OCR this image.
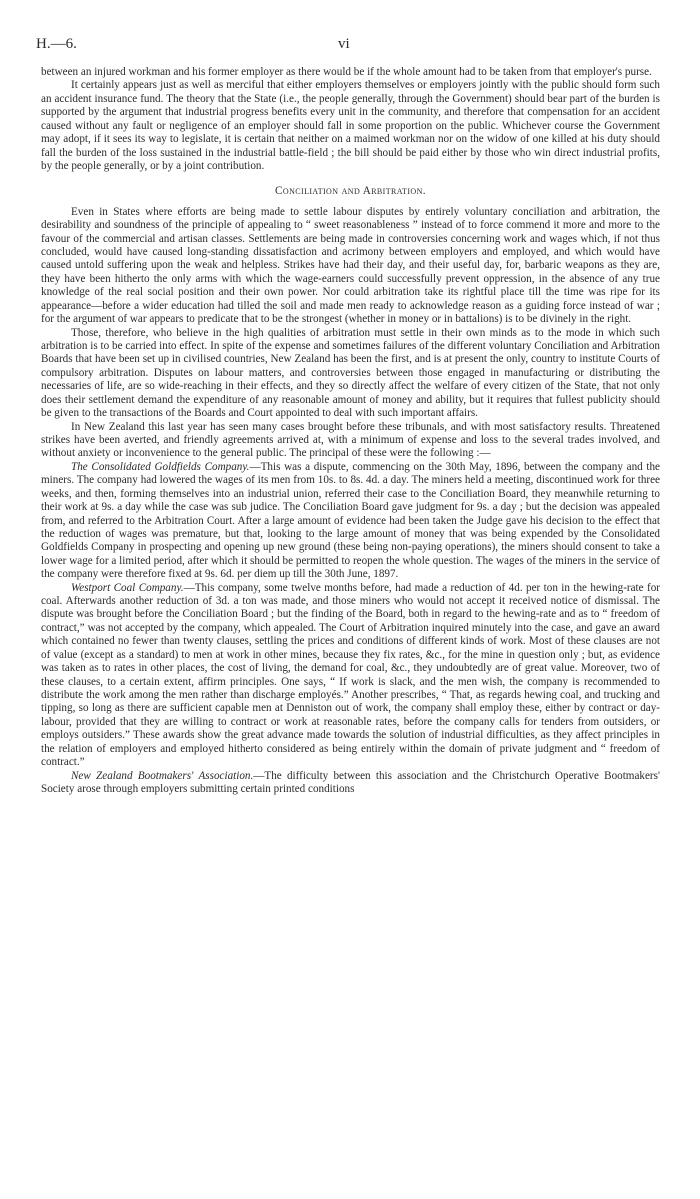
H.—6.	vi

between an injured workman and his former employer as there would be if the whole amount had to be taken from that employer's purse.

It certainly appears just as well as merciful that either employers themselves or employers jointly with the public should form such an accident insurance fund. The theory that the State (i.e., the people generally, through the Government) should bear part of the burden is supported by the argument that industrial progress benefits every unit in the community, and therefore that compensation for an accident caused without any fault or negligence of an employer should fall in some proportion on the public. Whichever course the Government may adopt, if it sees its way to legislate, it is certain that neither on a maimed workman nor on the widow of one killed at his duty should fall the burden of the loss sustained in the industrial battle-field ; the bill should be paid either by those who win direct industrial profits, by the people generally, or by a joint contribution.

Conciliation and Arbitration.

Even in States where efforts are being made to settle labour disputes by entirely voluntary conciliation and arbitration, the desirability and soundness of the principle of appealing to “ sweet reasonableness ” instead of to force commend it more and more to the favour of the commercial and artisan classes. Settlements are being made in controversies concerning work and wages which, if not thus concluded, would have caused long-standing dissatisfaction and acrimony between employers and employed, and which would have caused untold suffering upon the weak and helpless. Strikes have had their day, and their useful day, for, barbaric weapons as they are, they have been hitherto the only arms with which the wage-earners could successfully prevent oppression, in the absence of any true knowledge of the real social position and their own power. Nor could arbitration take its rightful place till the time was ripe for its appearance—before a wider education had tilled the soil and made men ready to acknowledge reason as a guiding force instead of war ; for the argument of war appears to predicate that to be the strongest (whether in money or in battalions) is to be divinely in the right.

Those, therefore, who believe in the high qualities of arbitration must settle in their own minds as to the mode in which such arbitration is to be carried into effect. In spite of the expense and sometimes failures of the different voluntary Conciliation and Arbitration Boards that have been set up in civilised countries, New Zealand has been the first, and is at present the only, country to institute Courts of compulsory arbitration. Disputes on labour matters, and controversies between those engaged in manufacturing or distributing the necessaries of life, are so wide-reaching in their effects, and they so directly affect the welfare of every citizen of the State, that not only does their settlement demand the expenditure of any reasonable amount of money and ability, but it requires that fullest publicity should be given to the transactions of the Boards and Court appointed to deal with such important affairs.

In New Zealand this last year has seen many cases brought before these tribunals, and with most satisfactory results. Threatened strikes have been averted, and friendly agreements arrived at, with a minimum of expense and loss to the several trades involved, and without anxiety or inconvenience to the general public. The principal of these were the following :—

The Consolidated Goldfields Company.—This was a dispute, commencing on the 30th May, 1896, between the company and the miners. The company had lowered the wages of its men from 10s. to 8s. 4d. a day. The miners held a meeting, discontinued work for three weeks, and then, forming themselves into an industrial union, referred their case to the Conciliation Board, they meanwhile returning to their work at 9s. a day while the case was sub judice. The Conciliation Board gave judgment for 9s. a day ; but the decision was appealed from, and referred to the Arbitration Court. After a large amount of evidence had been taken the Judge gave his decision to the effect that the reduction of wages was premature, but that, looking to the large amount of money that was being expended by the Consolidated Goldfields Company in prospecting and opening up new ground (these being non-paying operations), the miners should consent to take a lower wage for a limited period, after which it should be permitted to reopen the whole question. The wages of the miners in the service of the company were therefore fixed at 9s. 6d. per diem up till the 30th June, 1897.

Westport Coal Company.—This company, some twelve months before, had made a reduction of 4d. per ton in the hewing-rate for coal. Afterwards another reduction of 3d. a ton was made, and those miners who would not accept it received notice of dismissal. The dispute was brought before the Conciliation Board ; but the finding of the Board, both in regard to the hewing-rate and as to “ freedom of contract,” was not accepted by the company, which appealed. The Court of Arbitration inquired minutely into the case, and gave an award which contained no fewer than twenty clauses, settling the prices and conditions of different kinds of work. Most of these clauses are not of value (except as a standard) to men at work in other mines, because they fix rates, &c., for the mine in question only ; but, as evidence was taken as to rates in other places, the cost of living, the demand for coal, &c., they undoubtedly are of great value. Moreover, two of these clauses, to a certain extent, affirm principles. One says, “ If work is slack, and the men wish, the company is recommended to distribute the work among the men rather than discharge employés.” Another prescribes, “ That, as regards hewing coal, and trucking and tipping, so long as there are sufficient capable men at Denniston out of work, the company shall employ these, either by contract or day-labour, provided that they are willing to contract or work at reasonable rates, before the company calls for tenders from outsiders, or employs outsiders.” These awards show the great advance made towards the solution of industrial difficulties, as they affect principles in the relation of employers and employed hitherto considered as being entirely within the domain of private judgment and “ freedom of contract.”

New Zealand Bootmakers' Association.—The difficulty between this association and the Christchurch Operative Bootmakers' Society arose through employers submitting certain printed conditions
